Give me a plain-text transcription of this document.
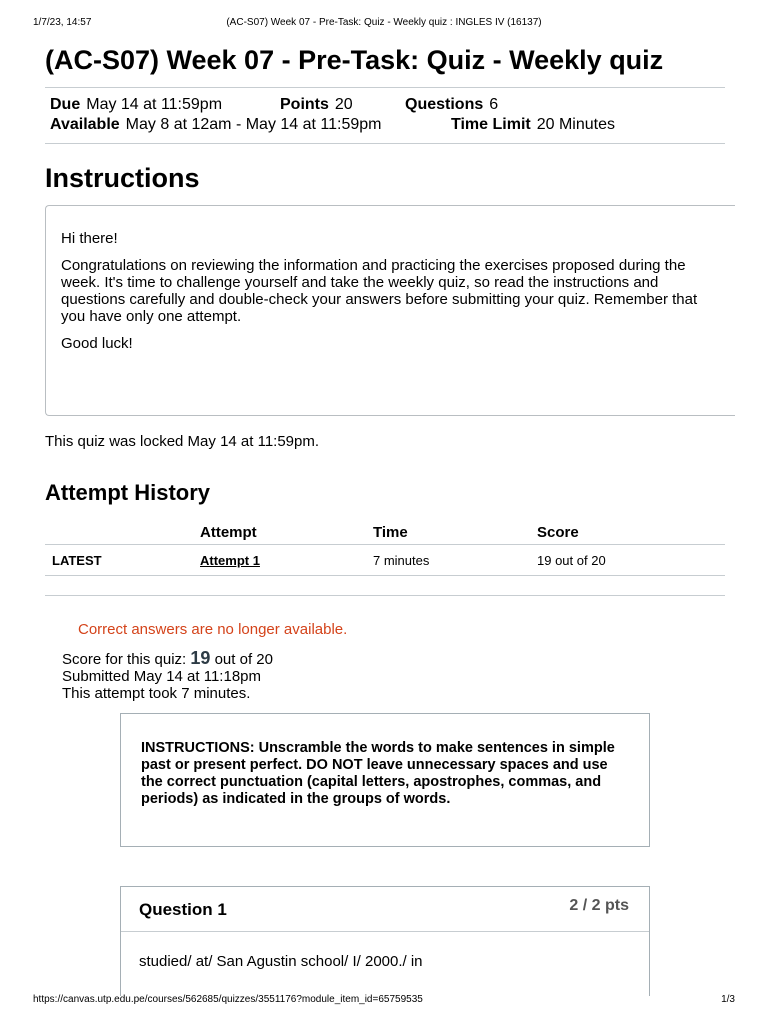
1/7/23, 14:57	(AC-S07) Week 07 - Pre-Task: Quiz - Weekly quiz : INGLES IV (16137)
(AC-S07) Week 07 - Pre-Task: Quiz - Weekly quiz
Due May 14 at 11:59pm	Points 20	Questions 6
Available May 8 at 12am - May 14 at 11:59pm	Time Limit 20 Minutes
Instructions

Hi there!

Congratulations on reviewing the information and practicing the exercises proposed during the week. It's time to challenge yourself and take the weekly quiz, so read the instructions and questions carefully and double-check your answers before submitting your quiz. Remember that you have only one attempt.

Good luck!

This quiz was locked May 14 at 11:59pm.
Attempt History
Attempt	Time	Score
LATEST	Attempt 1	7 minutes	19 out of 20
Correct answers are no longer available.
Score for this quiz: 19 out of 20
Submitted May 14 at 11:18pm
This attempt took 7 minutes.
INSTRUCTIONS: Unscramble the words to make sentences in simple past or present perfect. DO NOT leave unnecessary spaces and use the correct punctuation (capital letters, apostrophes, commas, and periods) as indicated in the groups of words.
Question 1	2 / 2 pts
studied/ at/ San Agustin school/ I/ 2000./ in
https://canvas.utp.edu.pe/courses/562685/quizzes/3551176?module_item_id=65759535	1/3
